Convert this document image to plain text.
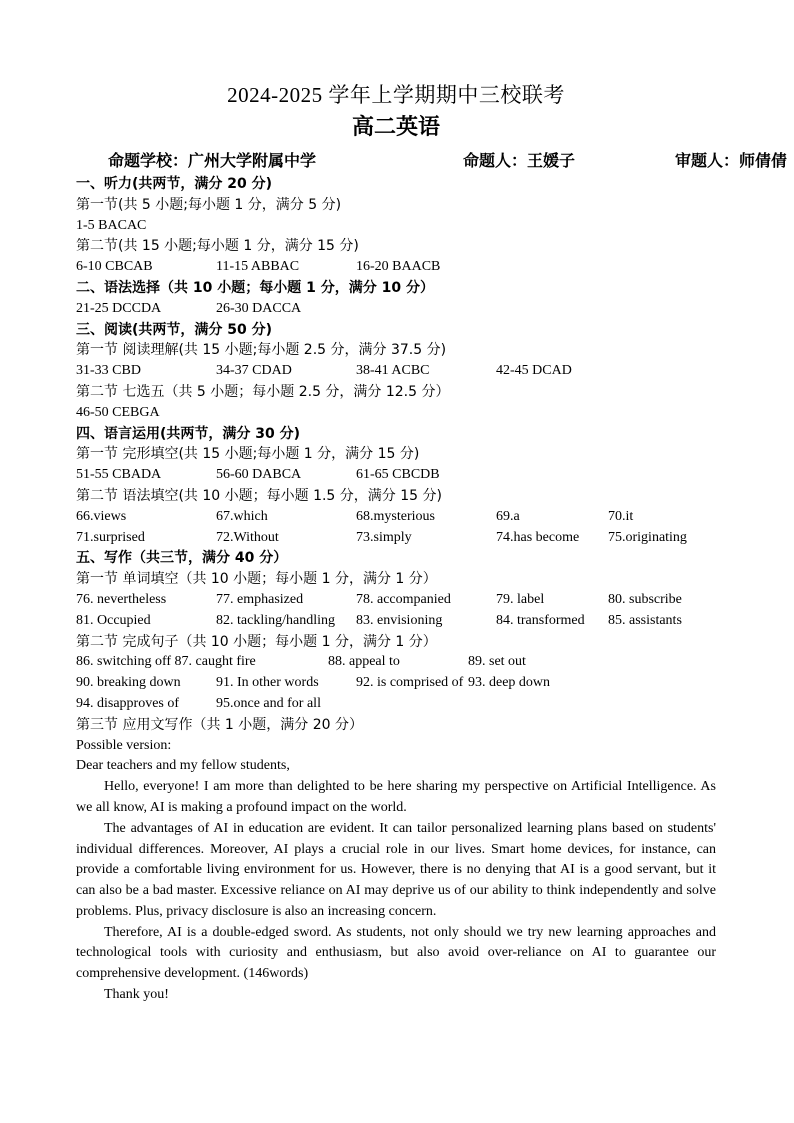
2024-2025 学年上学期期中三校联考
高二英语
命题学校：广州大学附属中学	命题人：王媛子	审题人：师倩倩
一、听力(共两节，满分 20 分)
第一节(共 5 小题;每小题 1 分，满分 5 分)
1-5 BACAC
第二节(共 15 小题;每小题 1 分，满分 15 分)
6-10 CBCAB	11-15 ABBAC	16-20 BAACB
二、语法选择（共 10 小题；每小题 1 分，满分 10 分）
21-25 DCCDA	26-30 DACCA
三、阅读(共两节，满分 50 分)
第一节 阅读理解(共 15 小题;每小题 2.5 分，满分 37.5 分)
31-33 CBD	34-37 CDAD	38-41 ACBC	42-45 DCAD
第二节 七选五（共 5 小题；每小题 2.5 分，满分 12.5 分）
46-50 CEBGA
四、语言运用(共两节，满分 30 分)
第一节 完形填空(共 15 小题;每小题 1 分，满分 15 分)
51-55 CBADA	56-60 DABCA	61-65 CBCDB
第二节 语法填空(共 10 小题；每小题 1.5 分，满分 15 分)
66.views	67.which	68.mysterious	69.a	70.it
71.surprised	72.Without	73.simply	74.has become	75.originating
五、写作（共三节，满分 40 分）
第一节 单词填空（共 10 小题；每小题 1 分，满分 1 分）
76. nevertheless	77. emphasized	78. accompanied	79. label	80. subscribe
81. Occupied	82. tackling/handling	83. envisioning	84. transformed	85. assistants
第二节 完成句子（共 10 小题；每小题 1 分，满分 1 分）
86. switching off 87. caught fire	88. appeal to	89. set out
90. breaking down	91. In other words	92. is comprised of 93. deep down
94. disapproves of	95.once and for all
第三节 应用文写作（共 1 小题，满分 20 分）
Possible version:
Dear teachers and my fellow students,
Hello, everyone! I am more than delighted to be here sharing my perspective on Artificial Intelligence. As we all know, AI is making a profound impact on the world.
The advantages of AI in education are evident. It can tailor personalized learning plans based on students' individual differences. Moreover, AI plays a crucial role in our lives. Smart home devices, for instance, can provide a comfortable living environment for us. However, there is no denying that AI is a good servant, but it can also be a bad master. Excessive reliance on AI may deprive us of our ability to think independently and solve problems. Plus, privacy disclosure is also an increasing concern.
Therefore, AI is a double-edged sword. As students, not only should we try new learning approaches and technological tools with curiosity and enthusiasm, but also avoid over-reliance on AI to guarantee our comprehensive development. (146words)
Thank you!
